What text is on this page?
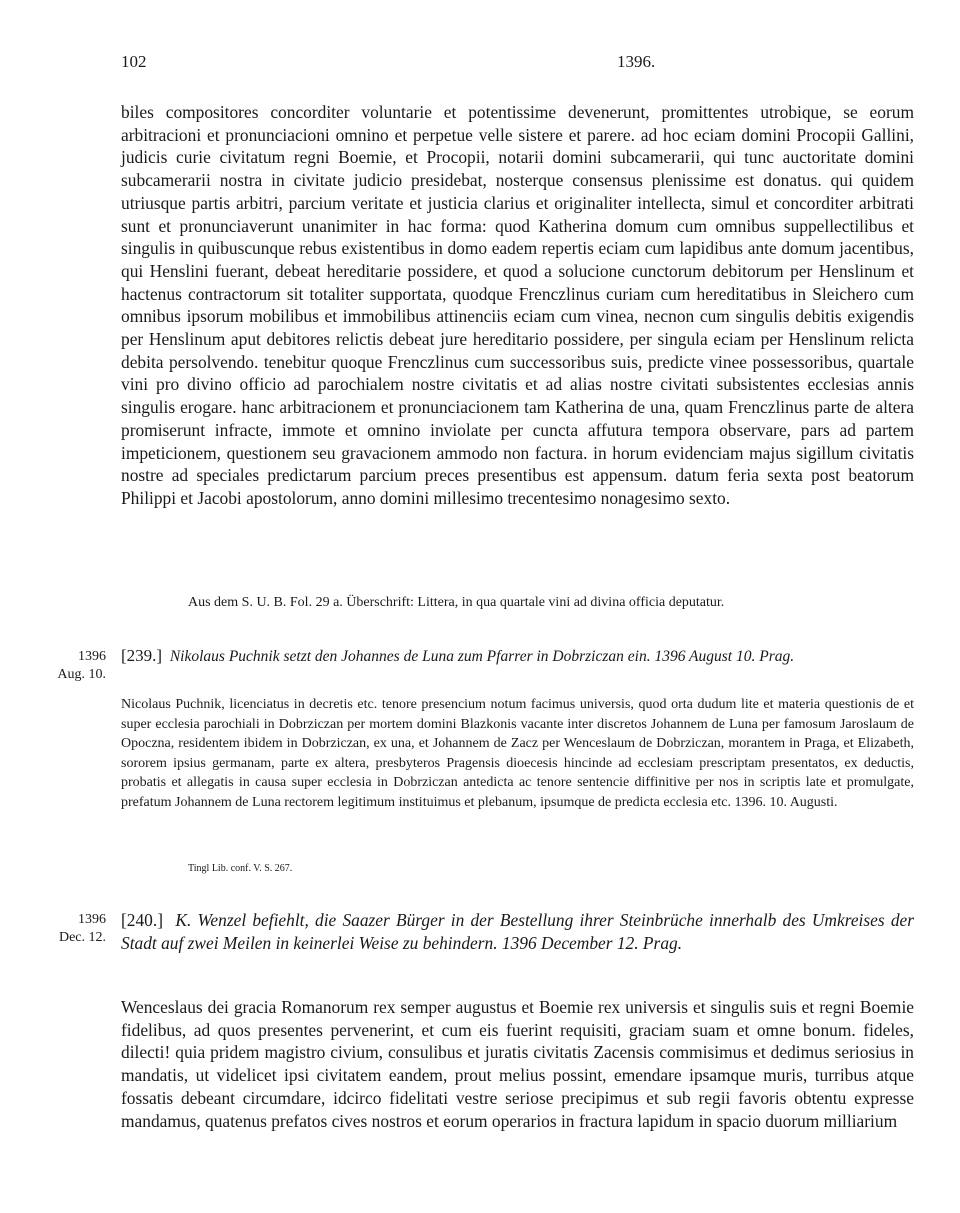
102	1396.

biles compositores concorditer voluntarie et potentissime devenerunt, promittentes utrobique, se eorum arbitracioni et pronunciacioni omnino et perpetue velle sistere et parere. ad hoc eciam domini Procopii Gallini, judicis curie civitatum regni Boemie, et Procopii, notarii domini subcamerarii, qui tunc auctoritate domini subcamerarii nostra in civitate judicio presidebat, nosterque consensus plenissime est donatus. qui quidem utriusque partis arbitri, parcium veritate et justicia clarius et originaliter intellecta, simul et concorditer arbitrati sunt et pronunciaverunt unanimiter in hac forma: quod Katherina domum cum omnibus suppellectilibus et singulis in quibuscunque rebus existentibus in domo eadem repertis eciam cum lapidibus ante domum jacentibus, qui Henslini fuerant, debeat hereditarie possidere, et quod a solucione cunctorum debitorum per Henslinum et hactenus contractorum sit totaliter supportata, quodque Frenczlinus curiam cum hereditatibus in Sleichero cum omnibus ipsorum mobilibus et immobilibus attinenciis eciam cum vinea, necnon cum singulis debitis exigendis per Henslinum aput debitores relictis debeat jure hereditario possidere, per singula eciam per Henslinum relicta debita persolvendo. tenebitur quoque Frenczlinus cum successoribus suis, predicte vinee possessoribus, quartale vini pro divino officio ad parochialem nostre civitatis et ad alias nostre civitati subsistentes ecclesias annis singulis erogare. hanc arbitracionem et pronunciacionem tam Katherina de una, quam Frenczlinus parte de altera promiserunt infracte, immote et omnino inviolate per cuncta affutura tempora observare, pars ad partem impeticionem, questionem seu gravacionem ammodo non factura. in horum evidenciam majus sigillum civitatis nostre ad speciales predictarum parcium preces presentibus est appensum. datum feria sexta post beatorum Philippi et Jacobi apostolorum, anno domini millesimo trecentesimo nonagesimo sexto.

Aus dem S. U. B. Fol. 29 a. Überschrift: Littera, in qua quartale vini ad divina officia deputatur.
1396
Aug. 10.
[239.] Nikolaus Puchnik setzt den Johannes de Luna zum Pfarrer in Dobrziczan ein. 1396 August 10. Prag.

Nicolaus Puchnik, licenciatus in decretis etc. tenore presencium notum facimus universis, quod orta dudum lite et materia questionis de et super ecclesia parochiali in Dobrziczan per mortem domini Blazkonis vacante inter discretos Johannem de Luna per famosum Jaroslaum de Opoczna, residentem ibidem in Dobrziczan, ex una, et Johannem de Zacz per Wenceslaum de Dobrziczan, morantem in Praga, et Elizabeth, sororem ipsius germanam, parte ex altera, presbyteros Pragensis dioecesis hincinde ad ecclesiam prescriptam presentatos, ex deductis, probatis et allegatis in causa super ecclesia in Dobrziczan antedicta ac tenore sentencie diffinitive per nos in scriptis late et promulgate, prefatum Johannem de Luna rectorem legitimum instituimus et plebanum, ipsumque de predicta ecclesia etc. 1396. 10. Augusti.

Tingl Lib. conf. V. S. 267.
1396
Dec. 12.
[240.] K. Wenzel befiehlt, die Saazer Bürger in der Bestellung ihrer Steinbrüche innerhalb des Umkreises der Stadt auf zwei Meilen in keinerlei Weise zu behindern. 1396 December 12. Prag.

Wenceslaus dei gracia Romanorum rex semper augustus et Boemie rex universis et singulis suis et regni Boemie fidelibus, ad quos presentes pervenerint, et cum eis fuerint requisiti, graciam suam et omne bonum. fideles, dilecti! quia pridem magistro civium, consulibus et juratis civitatis Zacensis commisimus et dedimus seriosius in mandatis, ut videlicet ipsi civitatem eandem, prout melius possint, emendare ipsamque muris, turribus atque fossatis debeant circumdare, idcirco fidelitati vestre seriose precipimus et sub regii favoris obtentu expresse mandamus, quatenus prefatos cives nostros et eorum operarios in fractura lapidum in spacio duorum milliarium
